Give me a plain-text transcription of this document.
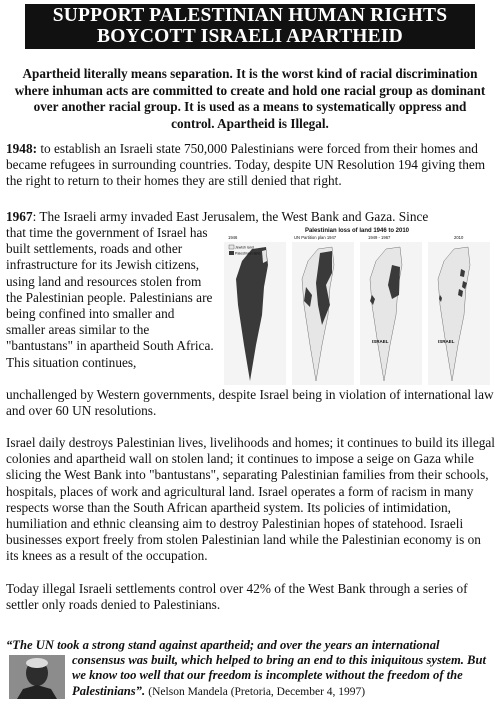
SUPPORT PALESTINIAN HUMAN RIGHTS
BOYCOTT ISRAELI APARTHEID
Apartheid literally means separation. It is the worst kind of racial discrimination where inhuman acts are committed to create and hold one racial group as dominant over another racial group. It is used as a means to systematically oppress and control. Apartheid is Illegal.
1948: to establish an Israeli state 750,000 Palestinians were forced from their homes and became refugees in surrounding countries. Today, despite UN Resolution 194 giving them the right to return to their homes they are still denied that right.
1967: The Israeli army invaded East Jerusalem, the West Bank and Gaza. Since
that time the government of Israel has built settlements, roads and other infrastructure for its Jewish citizens, using land and resources stolen from the Palestinian people. Palestinians are being confined into smaller and smaller areas similar to the "bantustans" in apartheid South Africa. This situation continues,
Palestinian loss of land 1946 to 2010
1946	UN Partition plan 1947	1949 - 1967	2010
Jewish land
Palestinian land
ISRAEL	ISRAEL
unchallenged by Western governments, despite Israel being in violation of international law and over 60 UN resolutions.
Israel daily destroys Palestinian lives, livelihoods and homes; it continues to build its illegal colonies and apartheid wall on stolen land; it continues to impose a seige on Gaza while slicing the West Bank into "bantustans", separating Palestinian families from their schools, hospitals, places of work and agricultural land. Israel operates a form of racism in many respects worse than the South African apartheid system. Its policies of intimidation, humiliation and ethnic cleansing aim to destroy Palestinian hopes of statehood. Israeli businesses export freely from stolen Palestinian land while the Palestinian economy is on its knees as a result of the occupation.
Today illegal Israeli settlements control over 42% of the West Bank through a series of settler only roads denied to Palestinians.
“The UN took a strong stand against apartheid; and over the years an international
consensus was built, which helped to bring an end to this iniquitous system. But we know too well that our freedom is incomplete without the freedom of the Palestinians”. (Nelson Mandela (Pretoria, December 4, 1997)
